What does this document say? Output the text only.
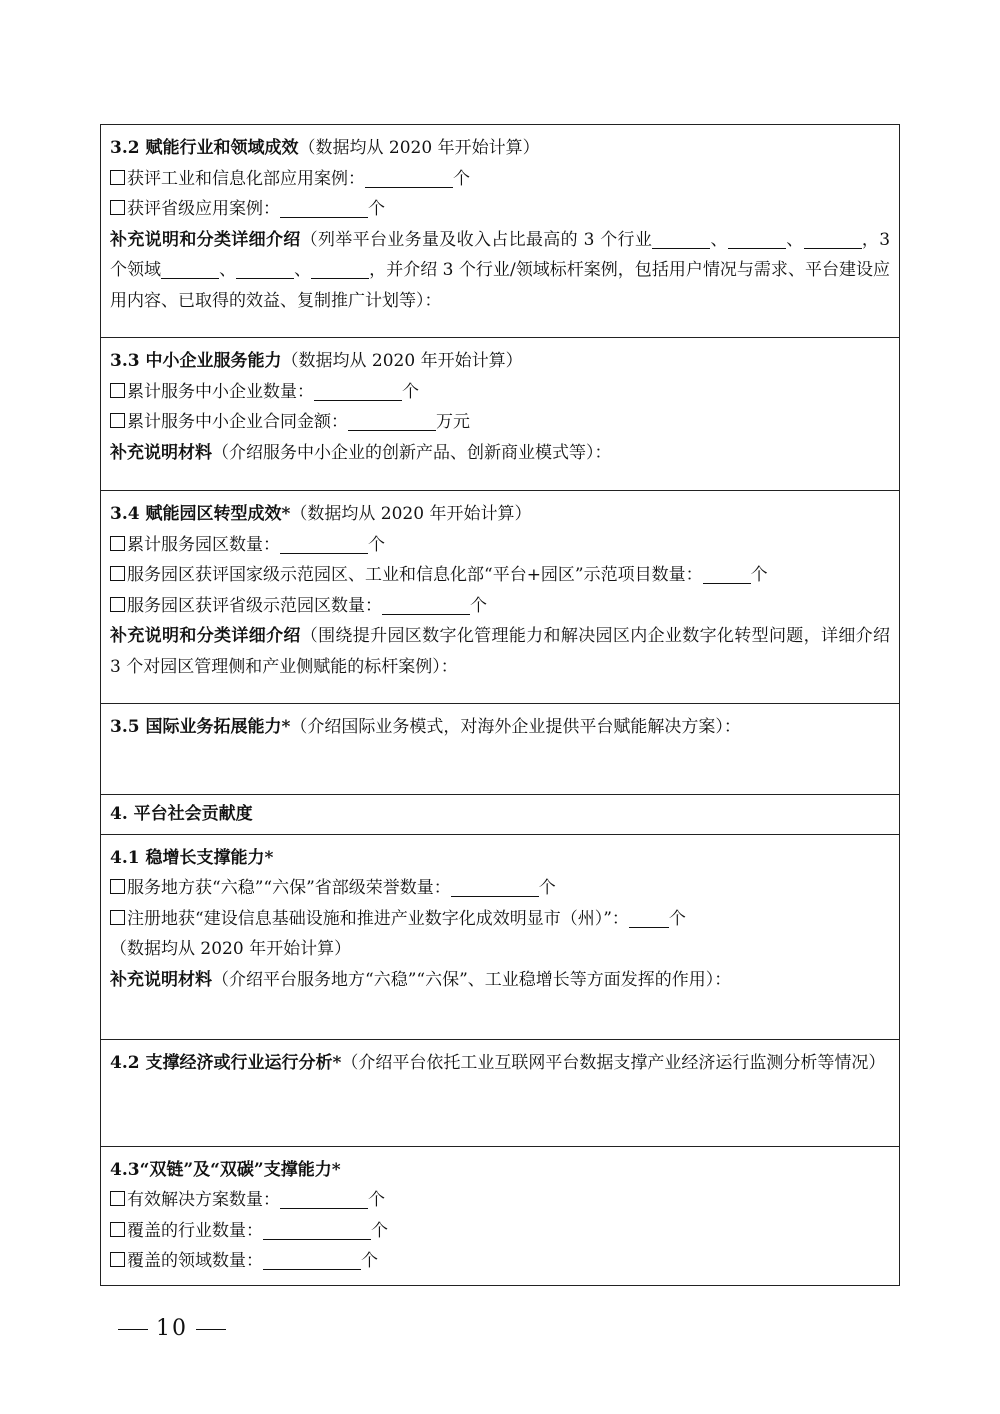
3.2 赋能行业和领域成效（数据均从 2020 年开始计算）
获评工业和信息化部应用案例：	个
获评省级应用案例：	个
补充说明和分类详细介绍（列举平台业务量及收入占比最高的 3 个行业	、	、	，3 个领域	、	、	，并介绍 3 个行业/领域标杆案例，包括用户情况与需求、平台建设应用内容、已取得的效益、复制推广计划等）：

3.3 中小企业服务能力（数据均从 2020 年开始计算）
累计服务中小企业数量：	个
累计服务中小企业合同金额：	万元
补充说明材料（介绍服务中小企业的创新产品、创新商业模式等）：

3.4 赋能园区转型成效*（数据均从 2020 年开始计算）
累计服务园区数量：	个
服务园区获评国家级示范园区、工业和信息化部“平台+园区”示范项目数量：	个
服务园区获评省级示范园区数量：	个
补充说明和分类详细介绍（围绕提升园区数字化管理能力和解决园区内企业数字化转型问题，详细介绍 3 个对园区管理侧和产业侧赋能的标杆案例）：

3.5 国际业务拓展能力*（介绍国际业务模式，对海外企业提供平台赋能解决方案）：

4. 平台社会贡献度

4.1 稳增长支撑能力*
服务地方获“六稳”“六保”省部级荣誉数量：	个
注册地获“建设信息基础设施和推进产业数字化成效明显市（州）”： 个
（数据均从 2020 年开始计算）
补充说明材料（介绍平台服务地方“六稳”“六保”、工业稳增长等方面发挥的作用）：

4.2 支撑经济或行业运行分析*（介绍平台依托工业互联网平台数据支撑产业经济运行监测分析等情况）

4.3“双链”及“双碳”支撑能力*
有效解决方案数量：	个
覆盖的行业数量：	个
覆盖的领域数量：	个
10
